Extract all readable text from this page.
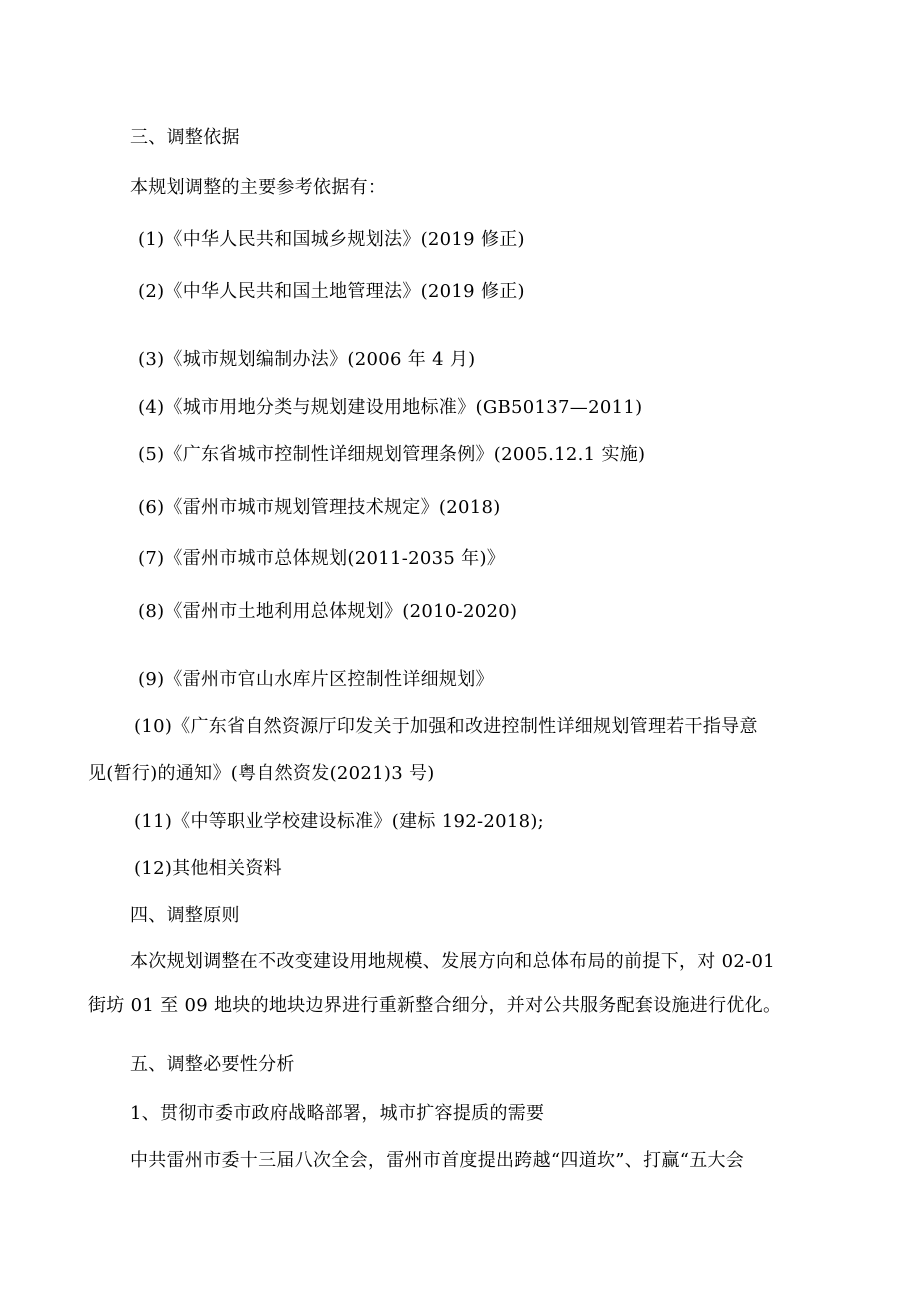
三、调整依据
本规划调整的主要参考依据有：
(1)《中华人民共和国城乡规划法》(2019 修正)
(2)《中华人民共和国土地管理法》(2019 修正)
(3)《城市规划编制办法》(2006 年 4 月)
(4)《城市用地分类与规划建设用地标准》(GB50137—2011)
(5)《广东省城市控制性详细规划管理条例》(2005.12.1 实施)
(6)《雷州市城市规划管理技术规定》(2018)
(7)《雷州市城市总体规划(2011-2035 年)》
(8)《雷州市土地利用总体规划》(2010-2020)
(9)《雷州市官山水库片区控制性详细规划》
(10)《广东省自然资源厅印发关于加强和改进控制性详细规划管理若干指导意
见(暂行)的通知》(粤自然资发(2021)3 号)
(11)《中等职业学校建设标准》(建标 192-2018);
(12)其他相关资料
四、调整原则
本次规划调整在不改变建设用地规模、发展方向和总体布局的前提下，对 02-01
街坊 01 至 09 地块的地块边界进行重新整合细分，并对公共服务配套设施进行优化。
五、调整必要性分析
1、贯彻市委市政府战略部署，城市扩容提质的需要
中共雷州市委十三届八次全会，雷州市首度提出跨越“四道坎”、打赢“五大会
